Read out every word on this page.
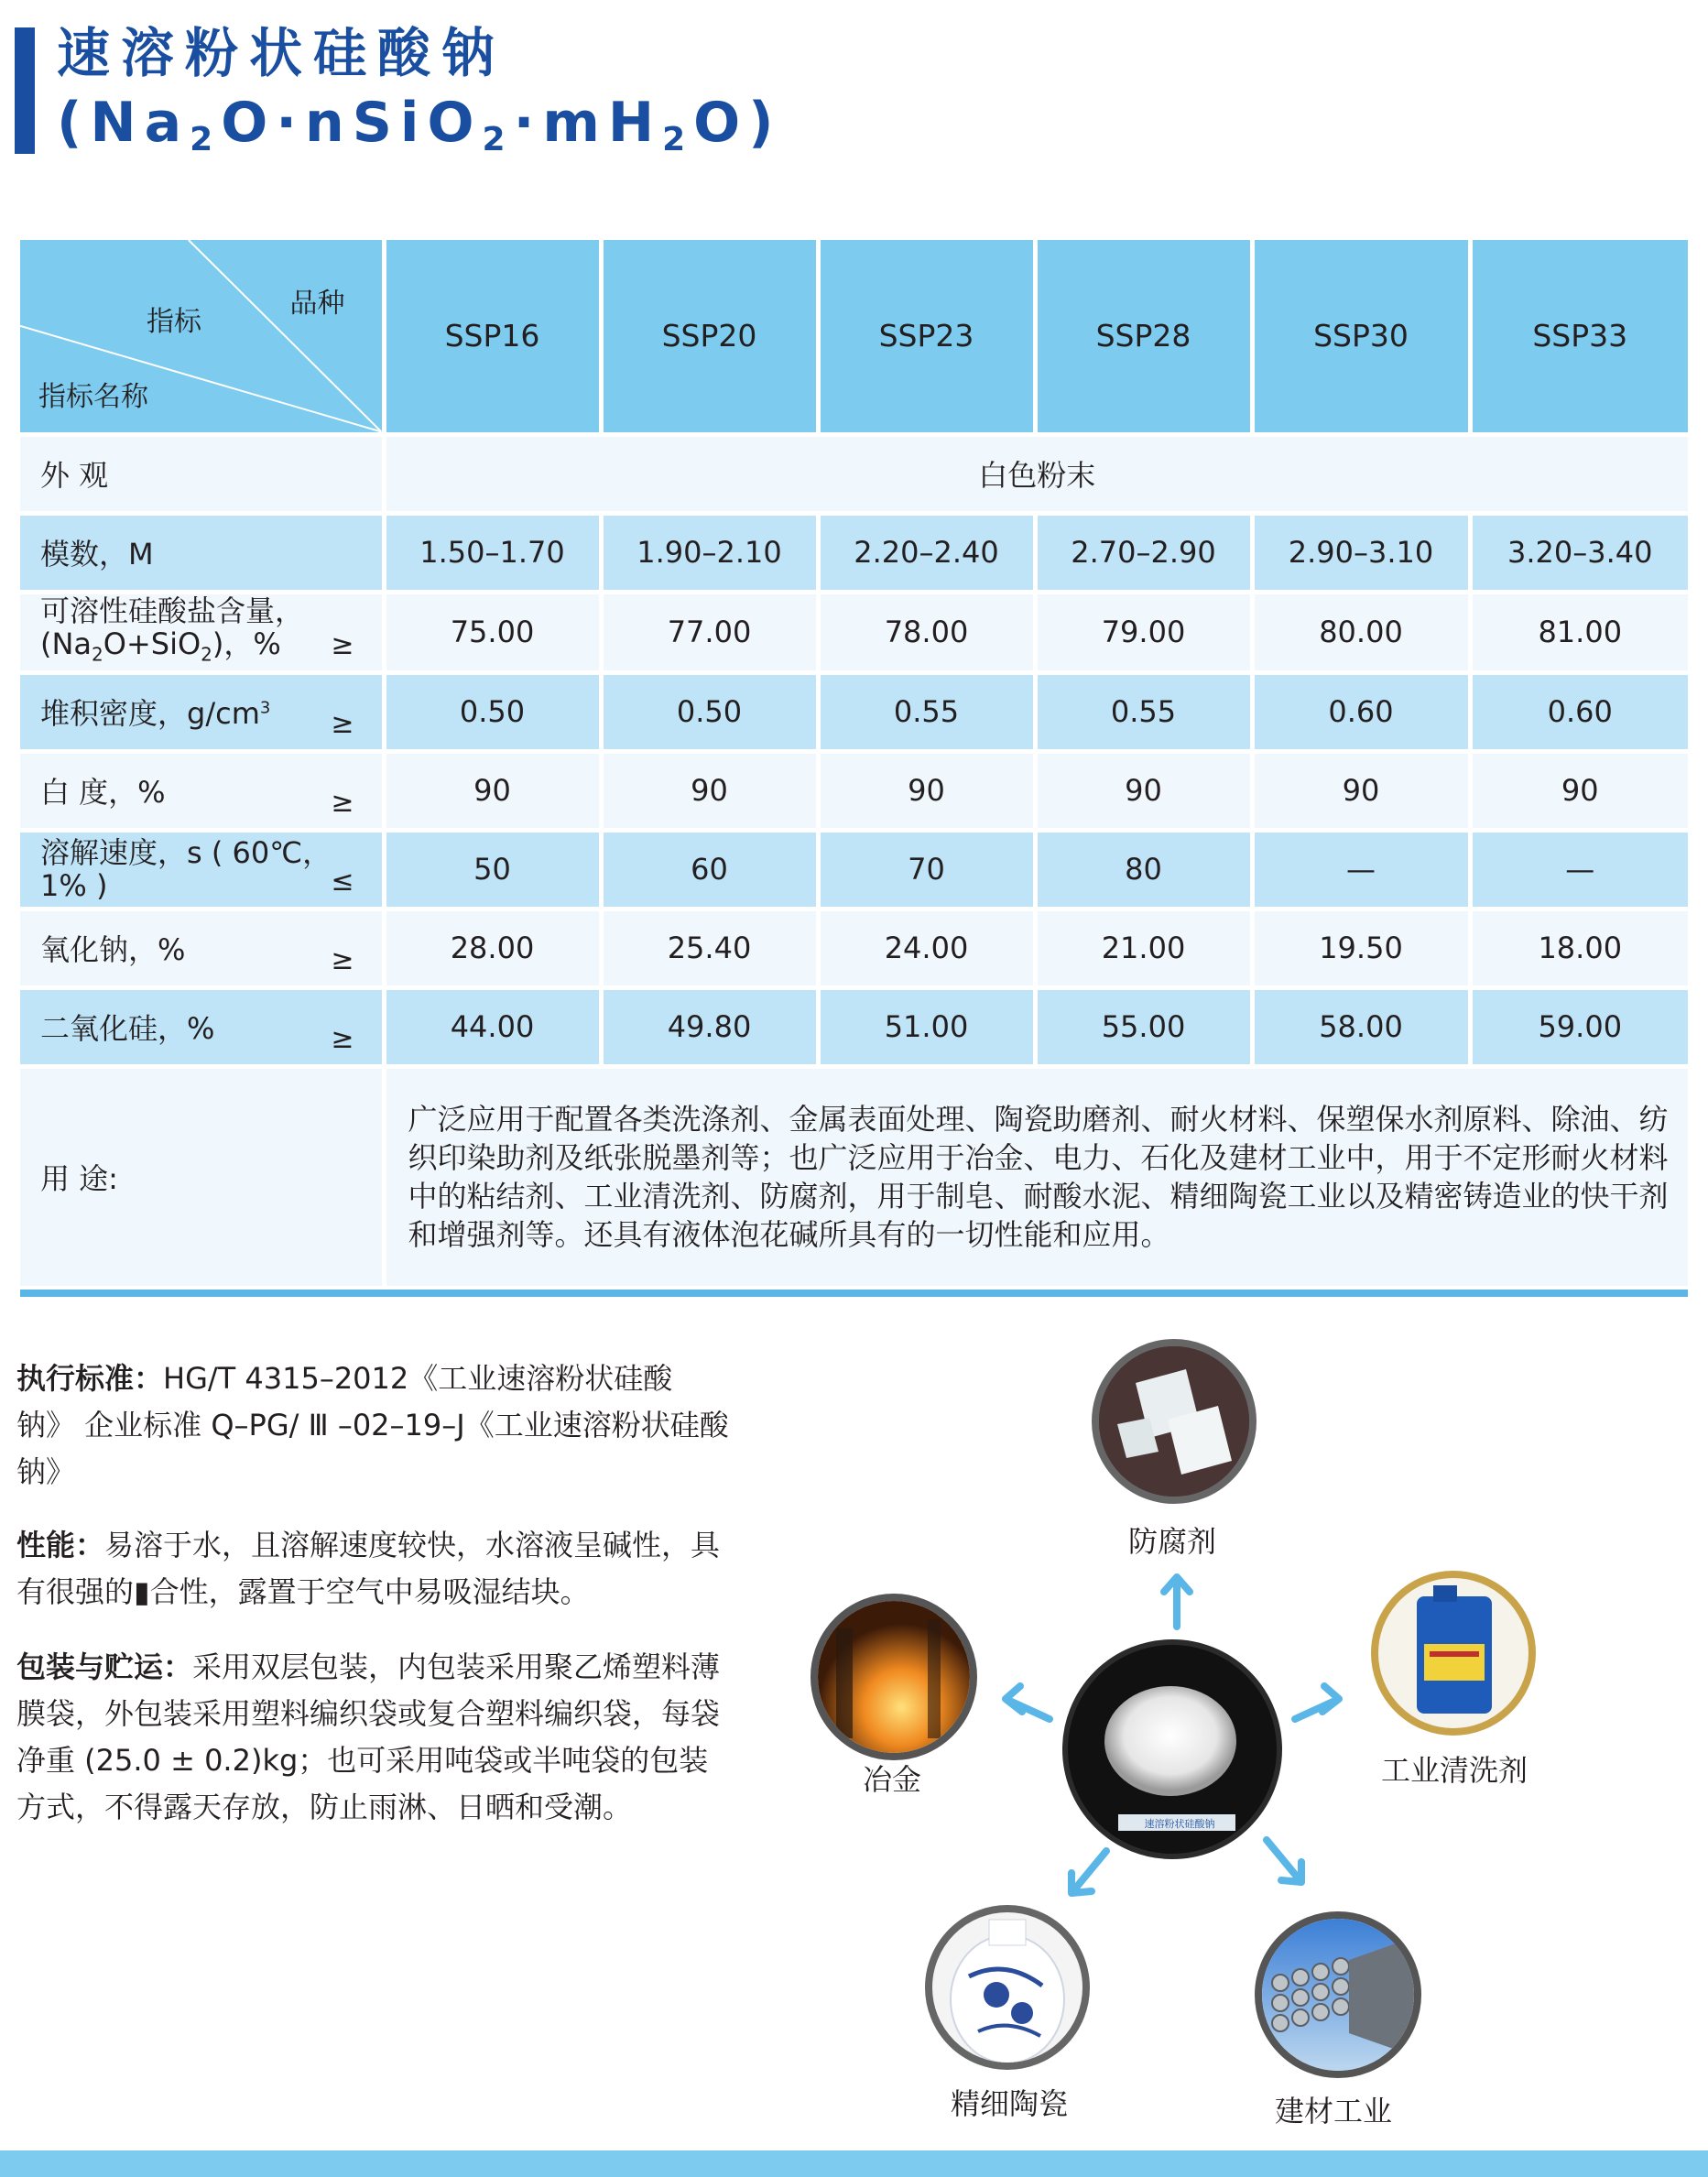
速溶粉状硅酸钠
$(Na_2O\cdot nSiO_2\cdot mH_2O)$
品种
指标
指标名称	SSP16	SSP20	SSP23	SSP28	SSP30	SSP33
外 观	白色粉末					
模数，M	1.50–1.70	1.90–2.10	2.20–2.40	2.70–2.90	2.90–3.10	3.20–3.40

可溶性硅酸盐含量，
$(Na_2O+SiO_2)$，% ≥	75.00	77.00	78.00	79.00	80.00	81.00
堆积密度，$g/cm^3$ ≥	0.50	0.50	0.55	0.55	0.60	0.60
白 度，% ≥	90	90	90	90	90	90

溶解速度，s ( 60℃，
1% ) ≤	50	60	70	80	—	—
氧化钠，% ≥	28.00	25.40	24.00	21.00	19.50	18.00
二氧化硅，% ≥	44.00	49.80	51.00	55.00	58.00	59.00
用 途:	广泛应用于配置各类洗涤剂、金属表面处理、陶瓷助磨剂、耐火材料、保塑保水剂原料、除油、纺织印染助剂及纸张脱墨剂等；也广泛应用于冶金、电力、石化及建材工业中，用于不定形耐火材料中的粘结剂、工业清洗剂、防腐剂，用于制皂、耐酸水泥、精细陶瓷工业以及精密铸造业的快干剂和增强剂等。还具有液体泡花碱所具有的一切性能和应用。					
执行标准：HG/T 4315–2012《工业速溶粉状硅酸钠》 企业标准 Q–PG/ Ⅲ –02–19–J《工业速溶粉状硅酸钠》
性能：易溶于水，且溶解速度较快，水溶液呈碱性，具有很强的▮合性，露置于空气中易吸湿结块。
包装与贮运：采用双层包装，内包装采用聚乙烯塑料薄膜袋，外包装采用塑料编织袋或复合塑料编织袋，每袋净重 (25.0 ± 0.2)kg；也可采用吨袋或半吨袋的包装方式，不得露天存放，防止雨淋、日晒和受潮。	速溶粉状硅酸钠
防腐剂
冶金	工业清洗剂
精细陶瓷	建材工业
